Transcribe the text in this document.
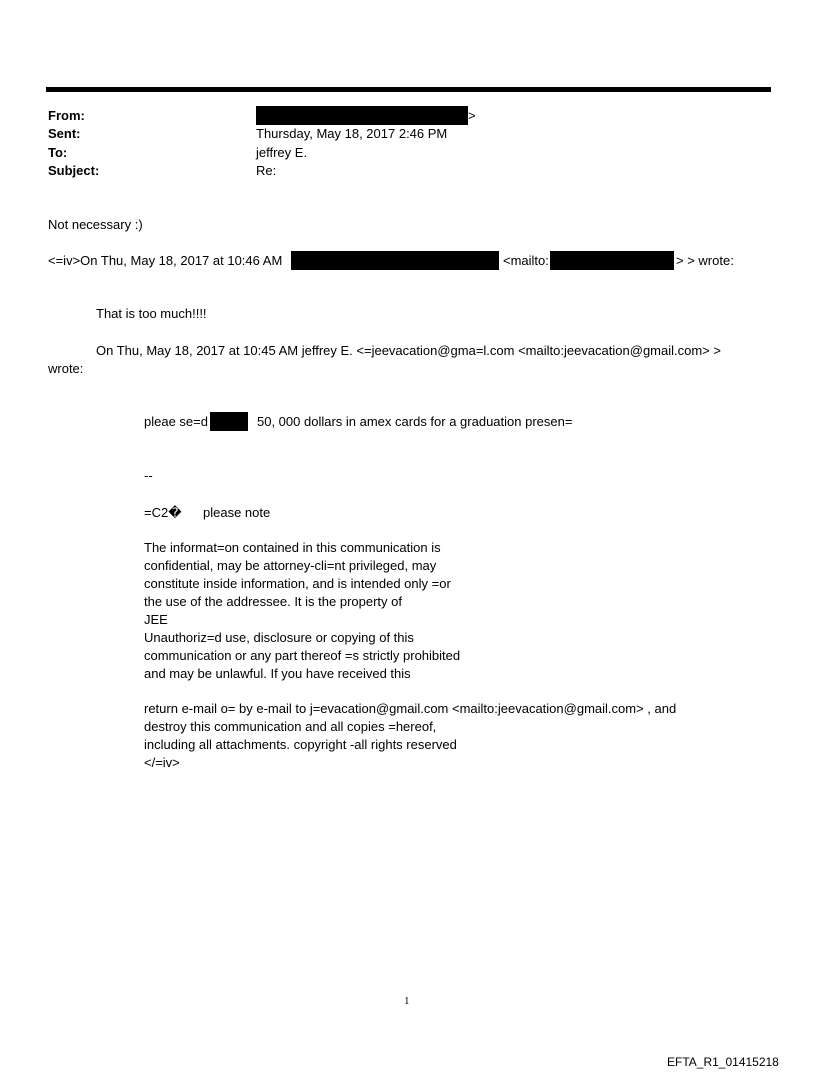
From:	>
Sent:	Thursday, May 18, 2017 2:46 PM
To:	jeffrey E.
Subject:	Re:
Not necessary :)
<=iv>On Thu, May 18, 2017 at 10:46 AM	<mailto:	> > wrote:
That is too much!!!!
On Thu, May 18, 2017 at 10:45 AM jeffrey E. <=jeevacation@gma=l.com <mailto:jeevacation@gmail.com> >
wrote:
pleae se=d	50, 000 dollars in amex cards for a graduation presen=
--
=C2� please note
The informat=on contained in this communication is
confidential, may be attorney-cli=nt privileged, may
constitute inside information, and is intended only =or
the use of the addressee. It is the property of
JEE
Unauthoriz=d use, disclosure or copying of this
communication or any part thereof =s strictly prohibited
and may be unlawful. If you have received this
return e-mail o= by e-mail to j=evacation@gmail.com <mailto:jeevacation@gmail.com> , and
destroy this communication and all copies =hereof,
including all attachments. copyright -all rights reserved
</=iv>
1
EFTA_R1_01415218
